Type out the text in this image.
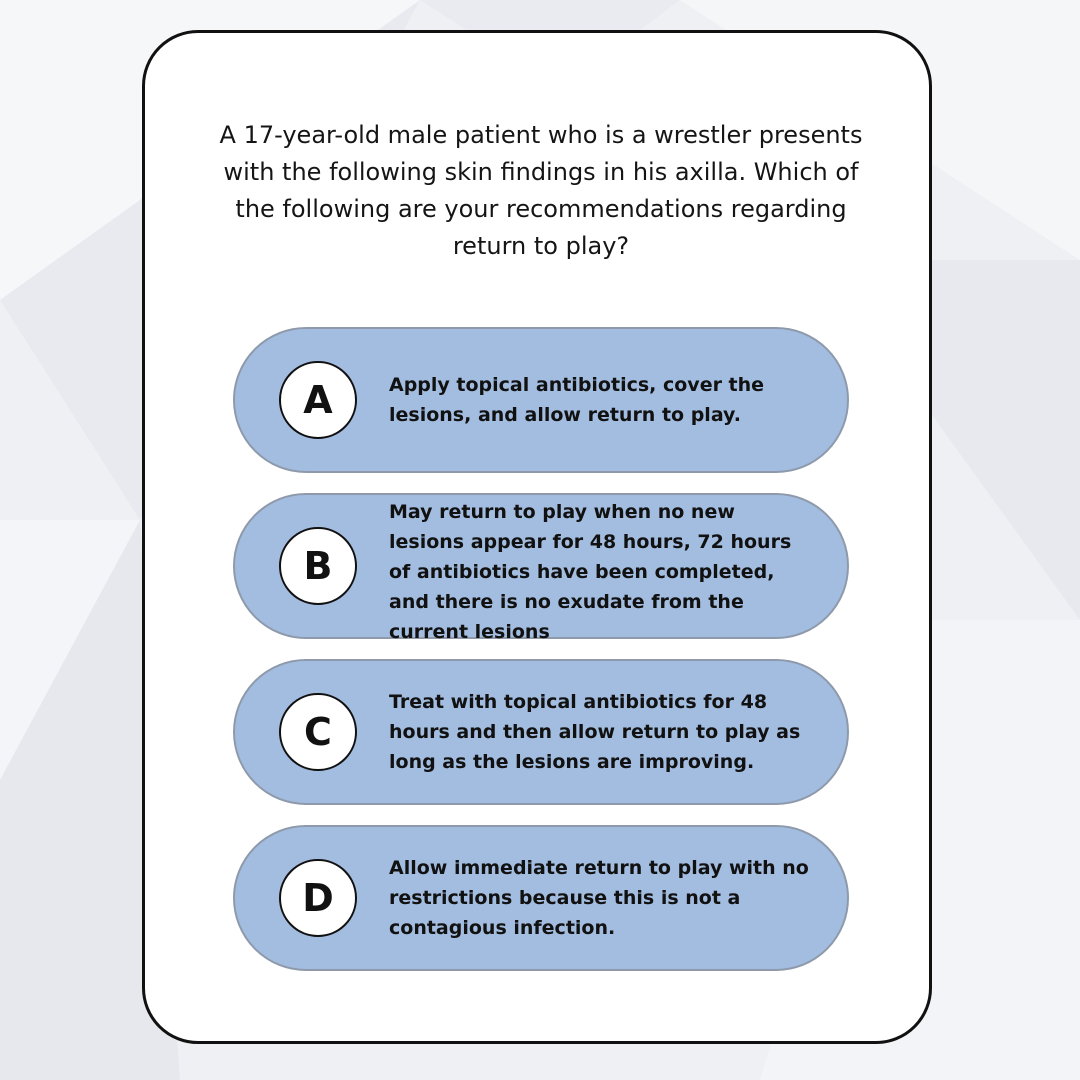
A 17-year-old male patient who is a wrestler presents with the following skin findings in his axilla. Which of the following are your recommendations regarding return to play?

A	Apply topical antibiotics, cover the lesions, and allow return to play.
B
May return to play when no new lesions appear for 48 hours, 72 hours of antibiotics have been completed, and there is no exudate from the current lesions
C
Treat with topical antibiotics for 48 hours and then allow return to play as long as the lesions are improving.
D
Allow immediate return to play with no restrictions because this is not a contagious infection.
